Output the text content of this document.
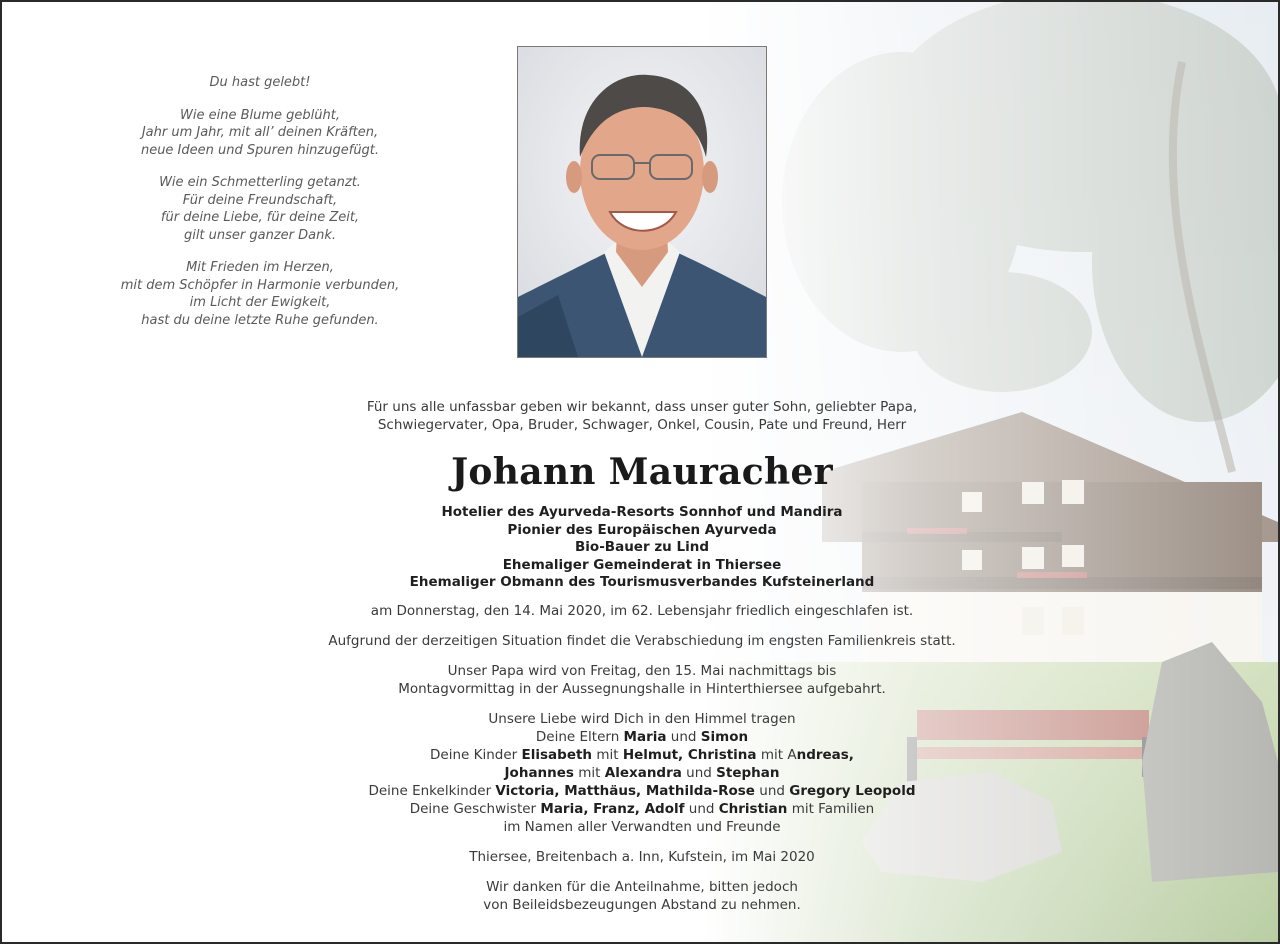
Du hast gelebt!

Wie eine Blume geblüht,
Jahr um Jahr, mit all’ deinen Kräften,
neue Ideen und Spuren hinzugefügt.

Wie ein Schmetterling getanzt.
Für deine Freundschaft,
für deine Liebe, für deine Zeit,
gilt unser ganzer Dank.

Mit Frieden im Herzen,
mit dem Schöpfer in Harmonie verbunden,
im Licht der Ewigkeit,
hast du deine letzte Ruhe gefunden.

Für uns alle unfassbar geben wir bekannt, dass unser guter Sohn, geliebter Papa,
Schwiegervater, Opa, Bruder, Schwager, Onkel, Cousin, Pate und Freund, Herr

Johann Mauracher
Hotelier des Ayurveda-Resorts Sonnhof und Mandira
Pionier des Europäischen Ayurveda
Bio-Bauer zu Lind
Ehemaliger Gemeinderat in Thiersee
Ehemaliger Obmann des Tourismusverbandes Kufsteinerland

am Donnerstag, den 14. Mai 2020, im 62. Lebensjahr friedlich eingeschlafen ist.

Aufgrund der derzeitigen Situation findet die Verabschiedung im engsten Familienkreis statt.

Unser Papa wird von Freitag, den 15. Mai nachmittags bis
Montagvormittag in der Aussegnungshalle in Hinterthiersee aufgebahrt.

Unsere Liebe wird Dich in den Himmel tragen
Deine Eltern Maria und Simon
Deine Kinder Elisabeth mit Helmut, Christina mit Andreas,
Johannes mit Alexandra und Stephan
Deine Enkelkinder Victoria, Matthäus, Mathilda-Rose und Gregory Leopold
Deine Geschwister Maria, Franz, Adolf und Christian mit Familien
im Namen aller Verwandten und Freunde

Thiersee, Breitenbach a. Inn, Kufstein, im Mai 2020

Wir danken für die Anteilnahme, bitten jedoch
von Beileidsbezeugungen Abstand zu nehmen.
